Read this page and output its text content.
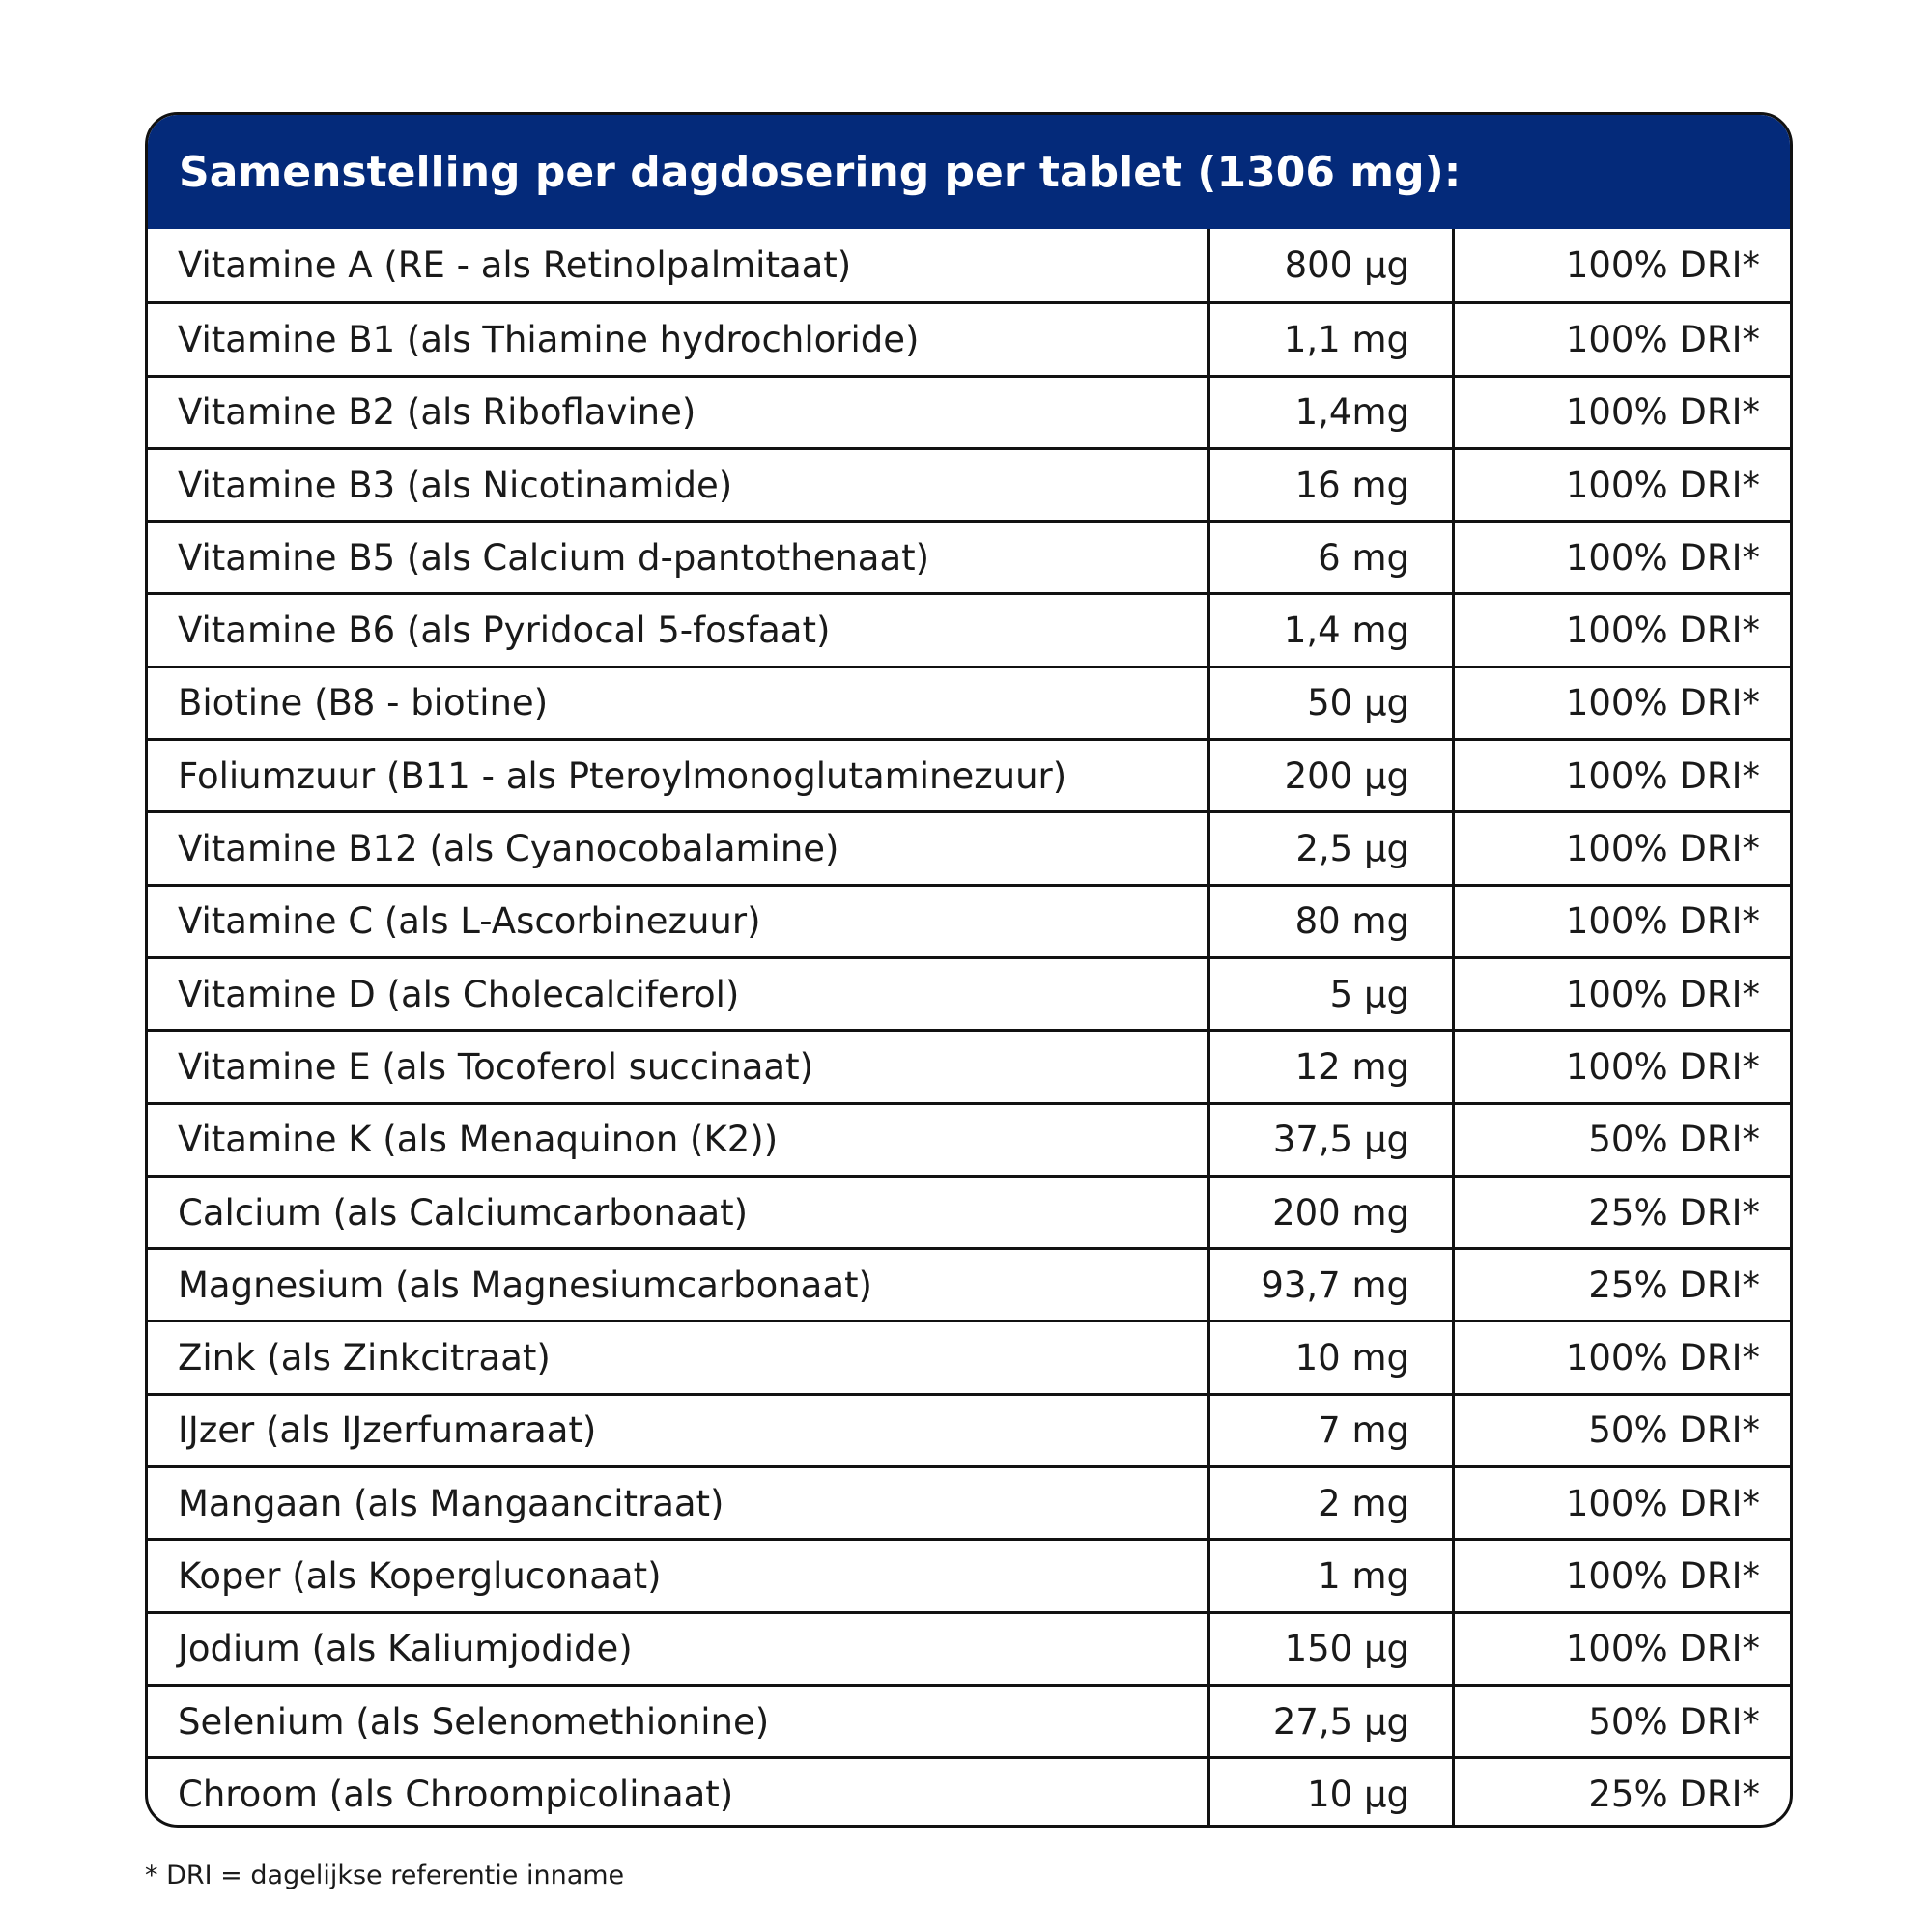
Samenstelling per dagdosering per tablet (1306 mg):
Vitamine A (RE - als Retinolpalmitaat)	800 µg	100% DRI*
Vitamine B1 (als Thiamine hydrochloride)	1,1 mg	100% DRI*
Vitamine B2 (als Riboflavine)	1,4mg	100% DRI*
Vitamine B3 (als Nicotinamide)	16 mg	100% DRI*
Vitamine B5 (als Calcium d-pantothenaat)	6 mg	100% DRI*
Vitamine B6 (als Pyridocal 5-fosfaat)	1,4 mg	100% DRI*
Biotine (B8 - biotine)	50 µg	100% DRI*
Foliumzuur (B11 - als Pteroylmonoglutaminezuur)	200 µg	100% DRI*
Vitamine B12 (als Cyanocobalamine)	2,5 µg	100% DRI*
Vitamine C (als L-Ascorbinezuur)	80 mg	100% DRI*
Vitamine D (als Cholecalciferol)	5 µg	100% DRI*
Vitamine E (als Tocoferol succinaat)	12 mg	100% DRI*
Vitamine K (als Menaquinon (K2))	37,5 µg	50% DRI*
Calcium (als Calciumcarbonaat)	200 mg	25% DRI*
Magnesium (als Magnesiumcarbonaat)	93,7 mg	25% DRI*
Zink (als Zinkcitraat)	10 mg	100% DRI*
IJzer (als IJzerfumaraat)	7 mg	50% DRI*
Mangaan (als Mangaancitraat)	2 mg	100% DRI*
Koper (als Kopergluconaat)	1 mg	100% DRI*
Jodium (als Kaliumjodide)	150 µg	100% DRI*
Selenium (als Selenomethionine)	27,5 µg	50% DRI*
Chroom (als Chroompicolinaat)	10 µg	25% DRI*
* DRI = dagelijkse referentie inname
